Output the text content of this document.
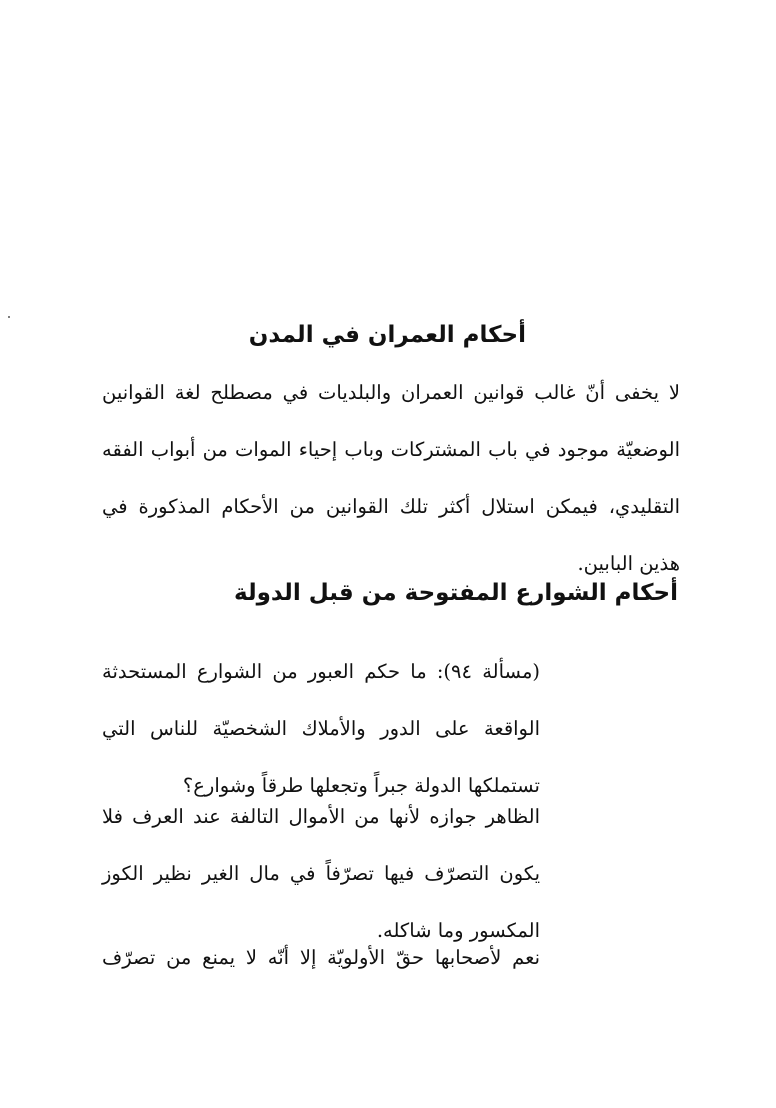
أحكام العمران في المدن
لا يخفى أنّ غالب قوانين العمران والبلديات في مصطلح لغة القوانين
الوضعيّة موجود في باب المشتركات وباب إحياء الموات من أبواب الفقه
التقليدي، فيمكن استلال أكثر تلك القوانين من الأحكام المذكورة في
هذين البابين.
أحكام الشوارع المفتوحة من قبل الدولة
(مسألة ٩٤): ما حكم العبور من الشوارع المستحدثة
الواقعة على الدور والأملاك الشخصيّة للناس التي
تستملكها الدولة جبراً وتجعلها طرقاً وشوارع؟
الظاهر جوازه لأنها من الأموال التالفة عند العرف فلا
يكون التصرّف فيها تصرّفاً في مال الغير نظير الكوز
المكسور وما شاكله.
نعم لأصحابها حقّ الأولويّة إلا أنّه لا يمنع من تصرّف
